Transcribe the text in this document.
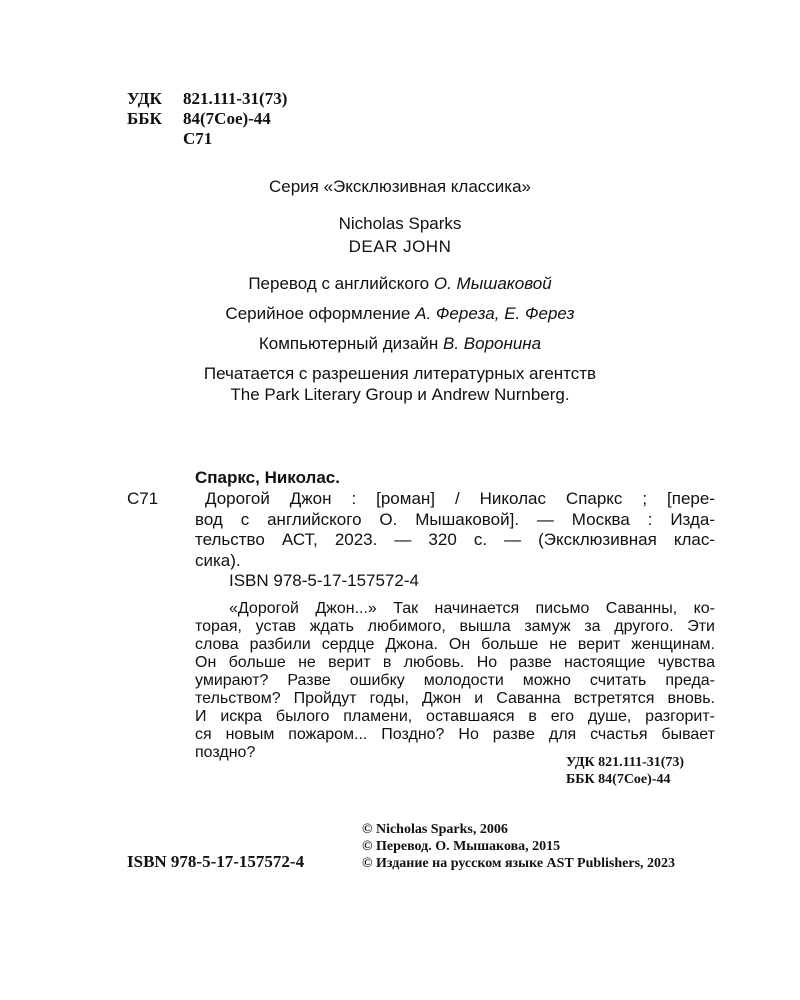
УДК 821.111-31(73)
ББК 84(7Сое)-44
С71
Серия «Эксклюзивная классика»
Nicholas Sparks
DEAR JOHN
Перевод с английского О. Мышаковой
Серийное оформление А. Фереза, Е. Ферез
Компьютерный дизайн В. Воронина
Печатается с разрешения литературных агентств
The Park Literary Group и Andrew Nurnberg.
Спаркс, Николас.
С71	Дорогой Джон : [роман] / Николас Спаркс ; [пере-
вод с английского О. Мышаковой]. — Москва : Изда-
тельство АСТ, 2023. — 320 с. — (Эксклюзивная клас-
сика).
ISBN 978-5-17-157572-4
«Дорогой Джон...» Так начинается письмо Саванны, ко-
торая, устав ждать любимого, вышла замуж за другого. Эти
слова разбили сердце Джона. Он больше не верит женщинам.
Он больше не верит в любовь. Но разве настоящие чувства
умирают? Разве ошибку молодости можно считать преда-
тельством? Пройдут годы, Джон и Саванна встретятся вновь.
И искра былого пламени, оставшаяся в его душе, разгорит-
ся новым пожаром... Поздно? Но разве для счастья бывает
поздно?
УДК 821.111-31(73)
ББК 84(7Сое)-44
© Nicholas Sparks, 2006
© Перевод. О. Мышакова, 2015
© Издание на русском языке AST Publishers, 2023
ISBN 978-5-17-157572-4
